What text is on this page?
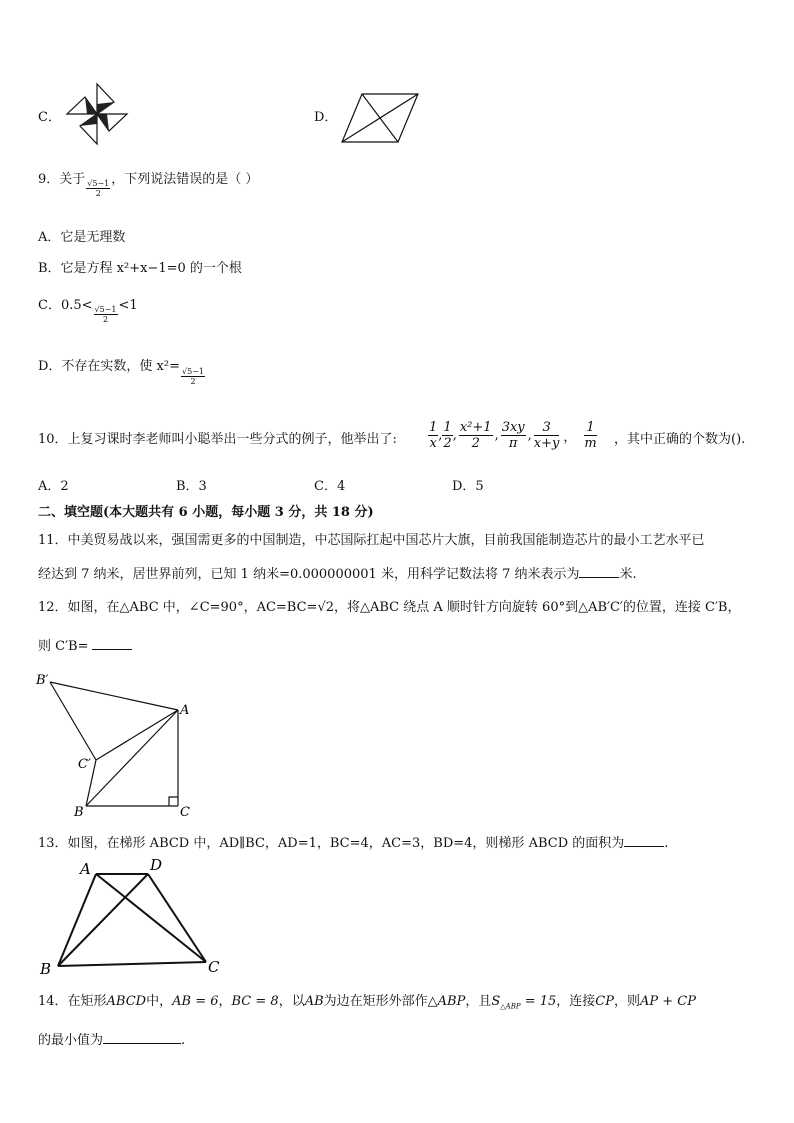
C．	D．
9．关于 $\frac{√5-1}{2}$ ，下列说法错误的是（ ）
A．它是无理数
B．它是方程 x²+x−1=0 的一个根
C．$0.5< \frac{√5-1}{2} <1$
D．不存在实数，使 x²=
$\frac{√5-1}{2}$
10．上复习课时李老师叫小聪举出一些分式的例子，他举出了: $\frac{1}{x}$ , $\frac{1}{2}$ , $\frac{\text{x²+1}}{2}$ , $\frac{3xy}{\pi}$ , $\frac{3}{x+y}$ ， $\frac{1}{m}$ ，其中正确的个数为().
A．2	B．3	C．4	D．5
二、填空题(本大题共有 6 小题，每小题 3 分，共 18 分)
11．中美贸易战以来，强国需更多的中国制造，中芯国际扛起中国芯片大旗，目前我国能制造芯片的最小工艺水平已
经达到 7 纳米，居世界前列，已知 1 纳米=0.000000001 米，用科学记数法将 7 纳米表示为	米.
12．如图，在△ABC 中，∠C=90°，AC=BC=√2，将△ABC 绕点 A 顺时针方向旋转 60°到△AB′C′的位置，连接 C′B，
则 C′B=
B′
A
C′
B	C
13．如图，在梯形 ABCD 中，AD∥BC，AD=1，BC=4，AC=3，BD=4，则梯形 ABCD 的面积为	.
A	D
B	C
14．在矩形ABCD中，AB = 6，BC = 8，以AB为边在矩形外部作△ABP，且$S_{\triangle ABP} = 15$，连接CP，则AP + CP
的最小值为	.
